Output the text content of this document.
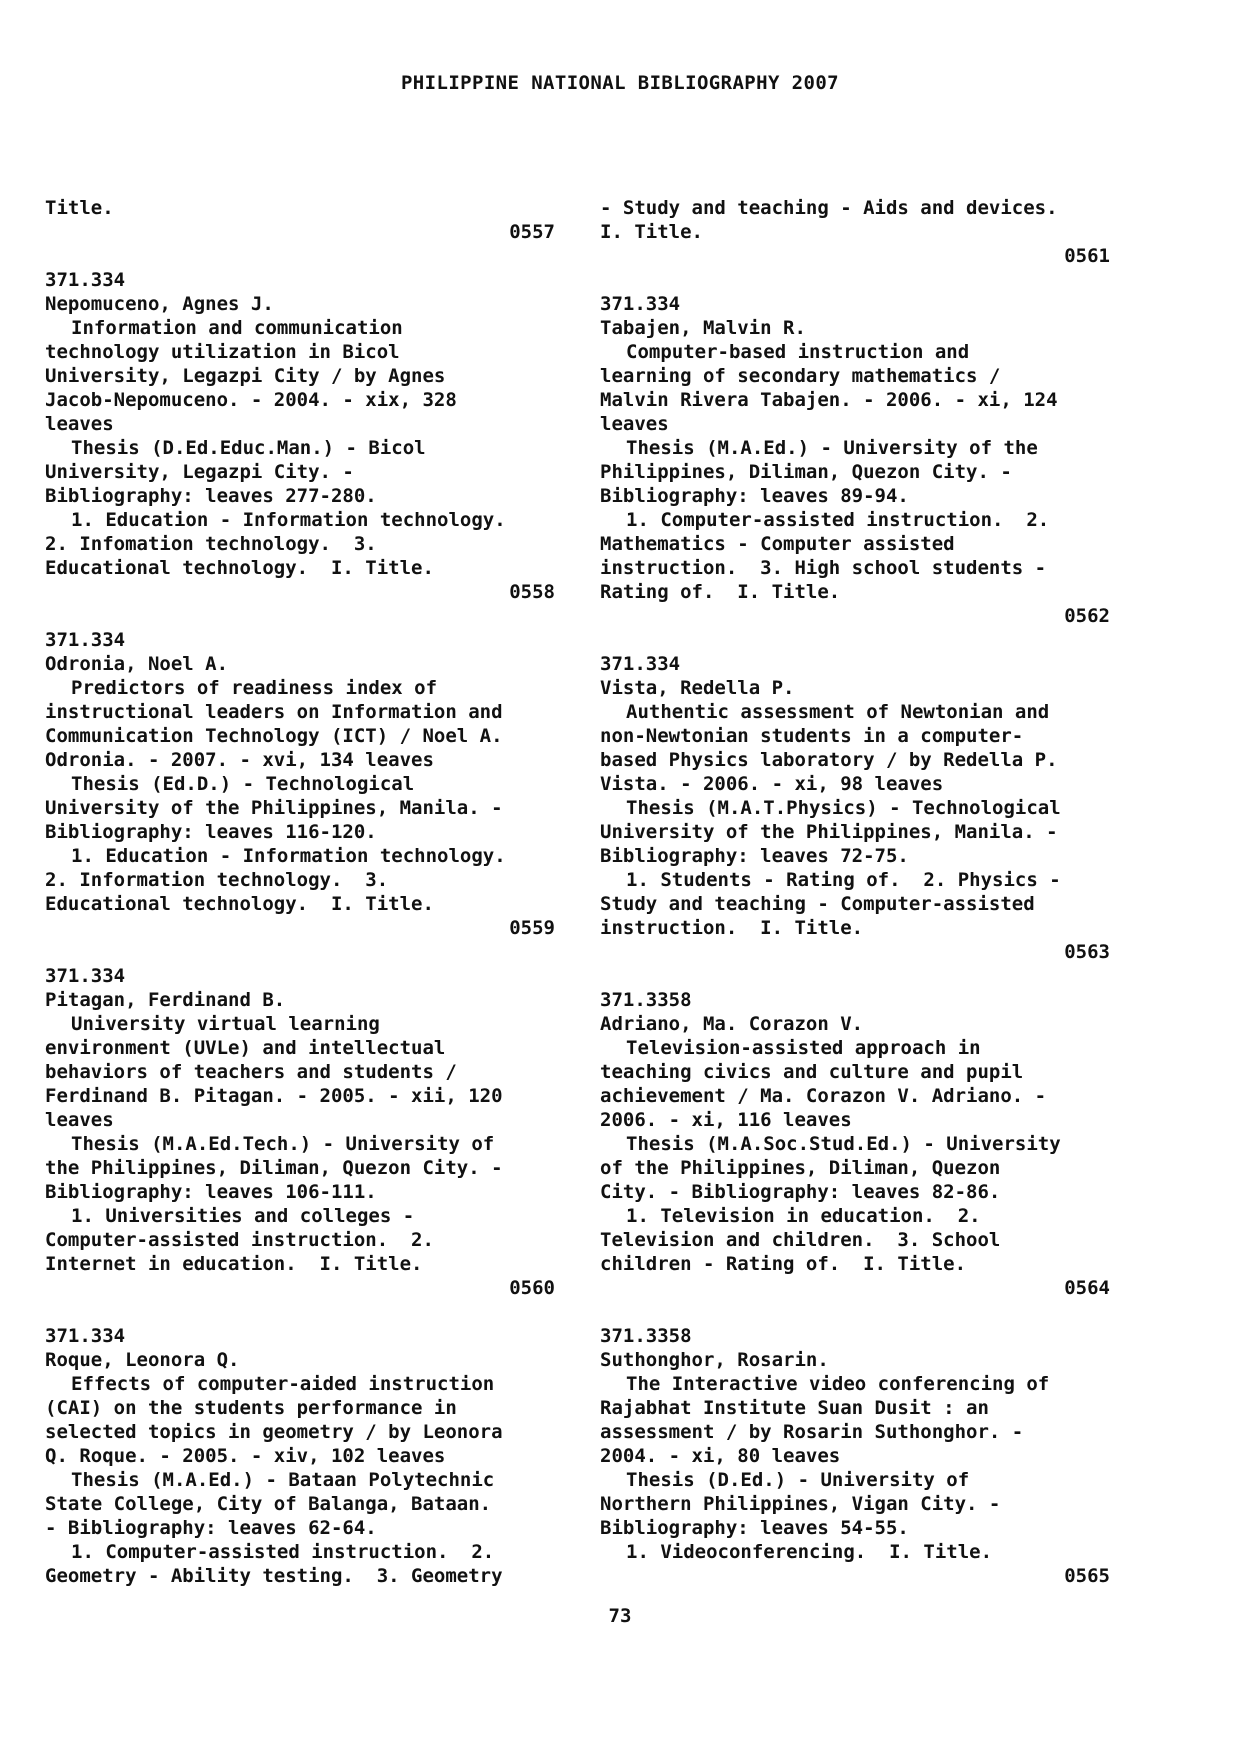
PHILIPPINE NATIONAL BIBLIOGRAPHY 2007
Title.
0557
371.334
Nepomuceno, Agnes J.
Information and communication
technology utilization in Bicol
University, Legazpi City / by Agnes
Jacob-Nepomuceno. - 2004. - xix, 328
leaves
Thesis (D.Ed.Educ.Man.) - Bicol
University, Legazpi City. -
Bibliography: leaves 277-280.
1. Education - Information technology.
2. Infomation technology.  3.
Educational technology.  I. Title.
0558
371.334
Odronia, Noel A.
Predictors of readiness index of
instructional leaders on Information and
Communication Technology (ICT) / Noel A.
Odronia. - 2007. - xvi, 134 leaves
Thesis (Ed.D.) - Technological
University of the Philippines, Manila. -
Bibliography: leaves 116-120.
1. Education - Information technology.
2. Information technology.  3.
Educational technology.  I. Title.
0559
371.334
Pitagan, Ferdinand B.
University virtual learning
environment (UVLe) and intellectual
behaviors of teachers and students /
Ferdinand B. Pitagan. - 2005. - xii, 120
leaves
Thesis (M.A.Ed.Tech.) - University of
the Philippines, Diliman, Quezon City. -
Bibliography: leaves 106-111.
1. Universities and colleges -
Computer-assisted instruction.  2.
Internet in education.  I. Title.
0560
371.334
Roque, Leonora Q.
Effects of computer-aided instruction
(CAI) on the students performance in
selected topics in geometry / by Leonora
Q. Roque. - 2005. - xiv, 102 leaves
Thesis (M.A.Ed.) - Bataan Polytechnic
State College, City of Balanga, Bataan.
- Bibliography: leaves 62-64.
1. Computer-assisted instruction.  2.
Geometry - Ability testing.  3. Geometry
- Study and teaching - Aids and devices.
I. Title.
0561
371.334
Tabajen, Malvin R.
Computer-based instruction and
learning of secondary mathematics /
Malvin Rivera Tabajen. - 2006. - xi, 124
leaves
Thesis (M.A.Ed.) - University of the
Philippines, Diliman, Quezon City. -
Bibliography: leaves 89-94.
1. Computer-assisted instruction.  2.
Mathematics - Computer assisted
instruction.  3. High school students -
Rating of.  I. Title.
0562
371.334
Vista, Redella P.
Authentic assessment of Newtonian and
non-Newtonian students in a computer-
based Physics laboratory / by Redella P.
Vista. - 2006. - xi, 98 leaves
Thesis (M.A.T.Physics) - Technological
University of the Philippines, Manila. -
Bibliography: leaves 72-75.
1. Students - Rating of.  2. Physics -
Study and teaching - Computer-assisted
instruction.  I. Title.
0563
371.3358
Adriano, Ma. Corazon V.
Television-assisted approach in
teaching civics and culture and pupil
achievement / Ma. Corazon V. Adriano. -
2006. - xi, 116 leaves
Thesis (M.A.Soc.Stud.Ed.) - University
of the Philippines, Diliman, Quezon
City. - Bibliography: leaves 82-86.
1. Television in education.  2.
Television and children.  3. School
children - Rating of.  I. Title.
0564
371.3358
Suthonghor, Rosarin.
The Interactive video conferencing of
Rajabhat Institute Suan Dusit : an
assessment / by Rosarin Suthonghor. -
2004. - xi, 80 leaves
Thesis (D.Ed.) - University of
Northern Philippines, Vigan City. -
Bibliography: leaves 54-55.
1. Videoconferencing.  I. Title.
0565
73
